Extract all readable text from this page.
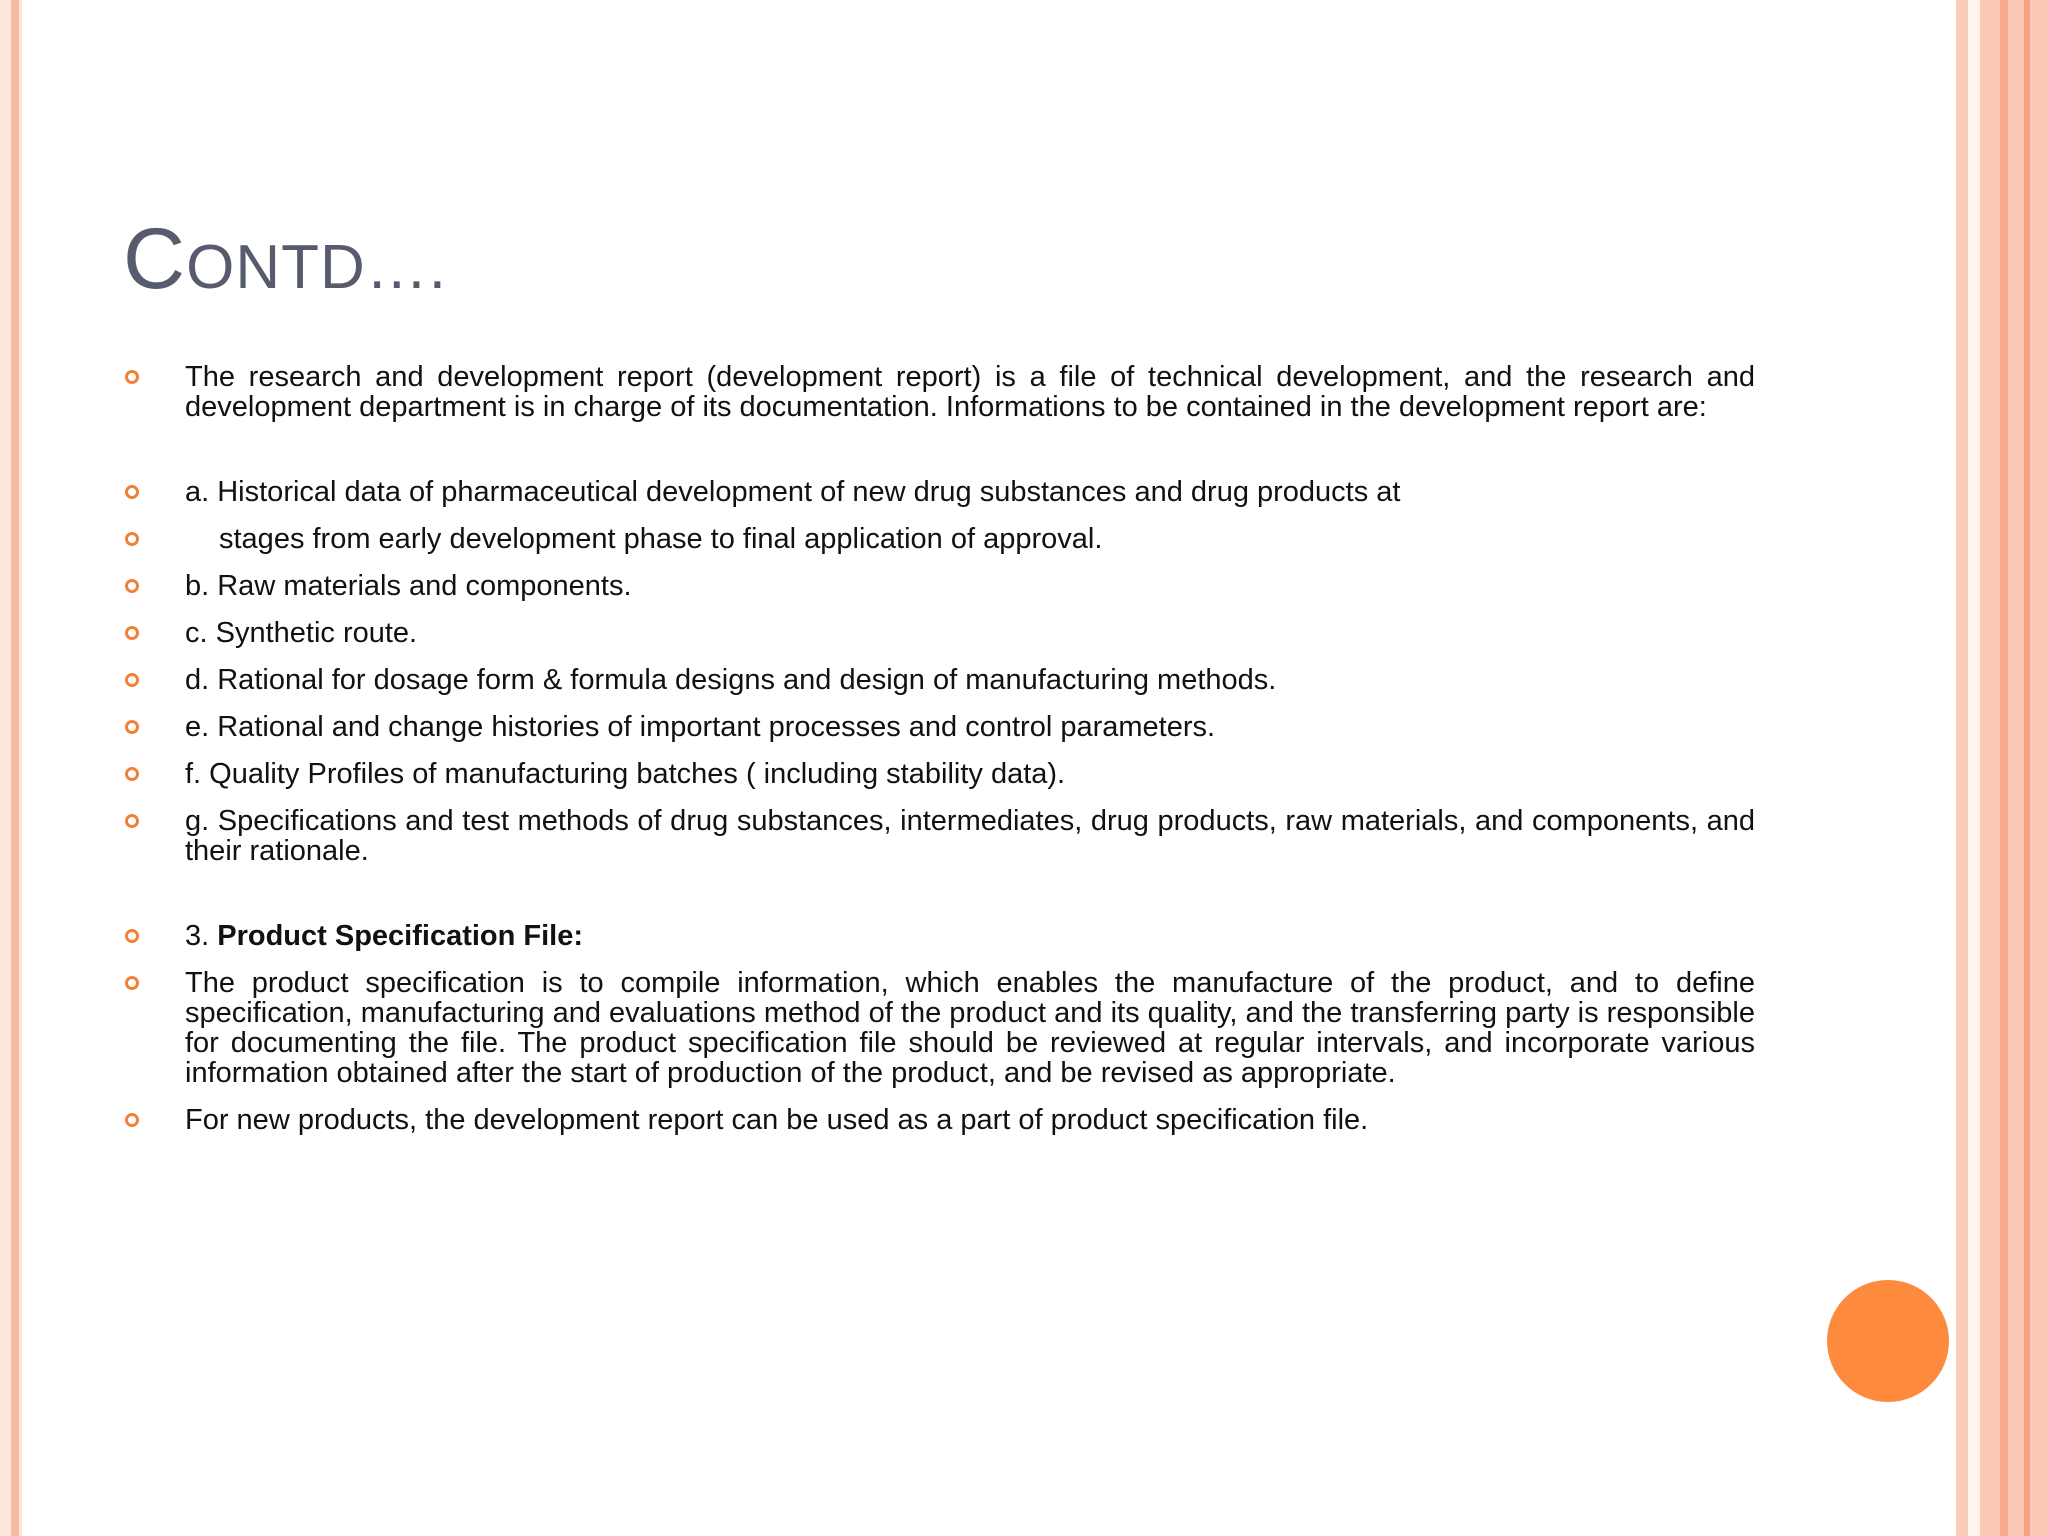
CONTD….
The research and development report (development report) is a file of technical development, and the research and development department is in charge of its documentation. Informations to be contained in the development report are:
a. Historical data of pharmaceutical development of new drug substances and drug products at
stages from early development phase to final application of approval.
b. Raw materials and components.
c. Synthetic route.
d. Rational for dosage form & formula designs and design of manufacturing methods.
e. Rational and change histories of important processes and control parameters.
f. Quality Profiles of manufacturing batches ( including stability data).
g. Specifications and test methods of drug substances, intermediates, drug products, raw materials, and components, and their rationale.
3. Product Specification File:
The product specification is to compile information, which enables the manufacture of the product, and to define specification, manufacturing and evaluations method of the product and its quality, and the transferring party is responsible for documenting the file. The product specification file should be reviewed at regular intervals, and incorporate various information obtained after the start of production of the product, and be revised as appropriate.
For new products, the development report can be used as a part of product specification file.
